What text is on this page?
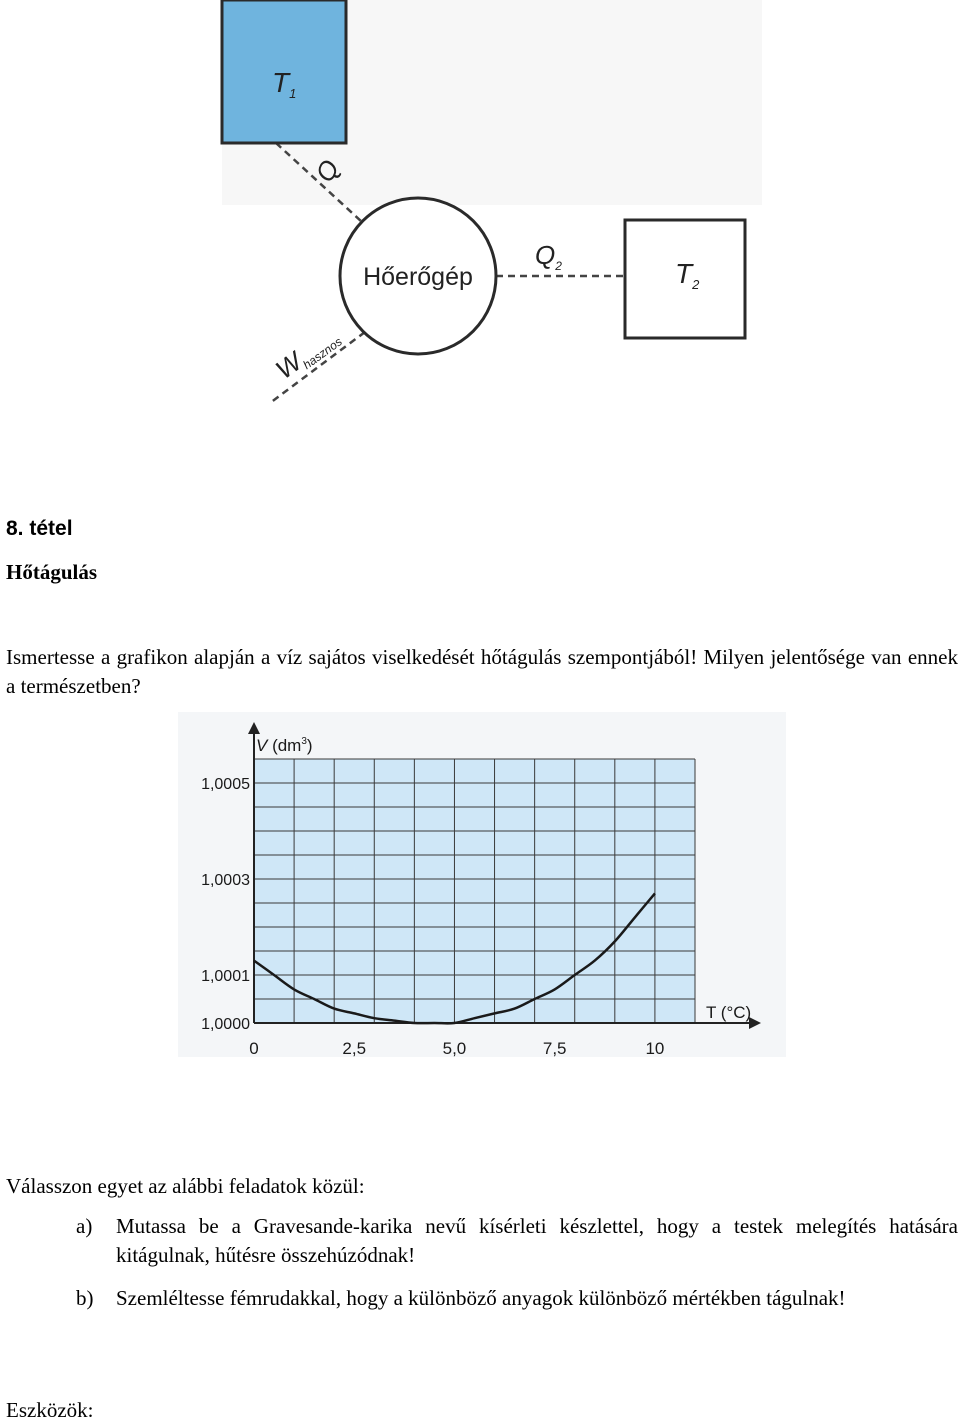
$T_1$
$T_2$
Hőerőgép
Q
$Q_2$
Whasznos

8. tétel

Hőtágulás

Ismertesse a grafikon alapján a víz sajátos viselkedését hőtágulás szempontjából! Milyen jelentősége van ennek a természetben?

1,0000
1,0001
1,0003
1,0005
0	2,5	5,0	7,5	10
V $(dm^3)$
T (°C)

Válasszon egyet az alábbi feladatok közül:

a)	Mutassa be a Gravesande-karika nevű kísérleti készlettel, hogy a testek melegítés hatására kitágulnak, hűtésre összehúzódnak!
b)	Szemléltesse fémrudakkal, hogy a különböző anyagok különböző mértékben tágulnak!

Eszközök:
